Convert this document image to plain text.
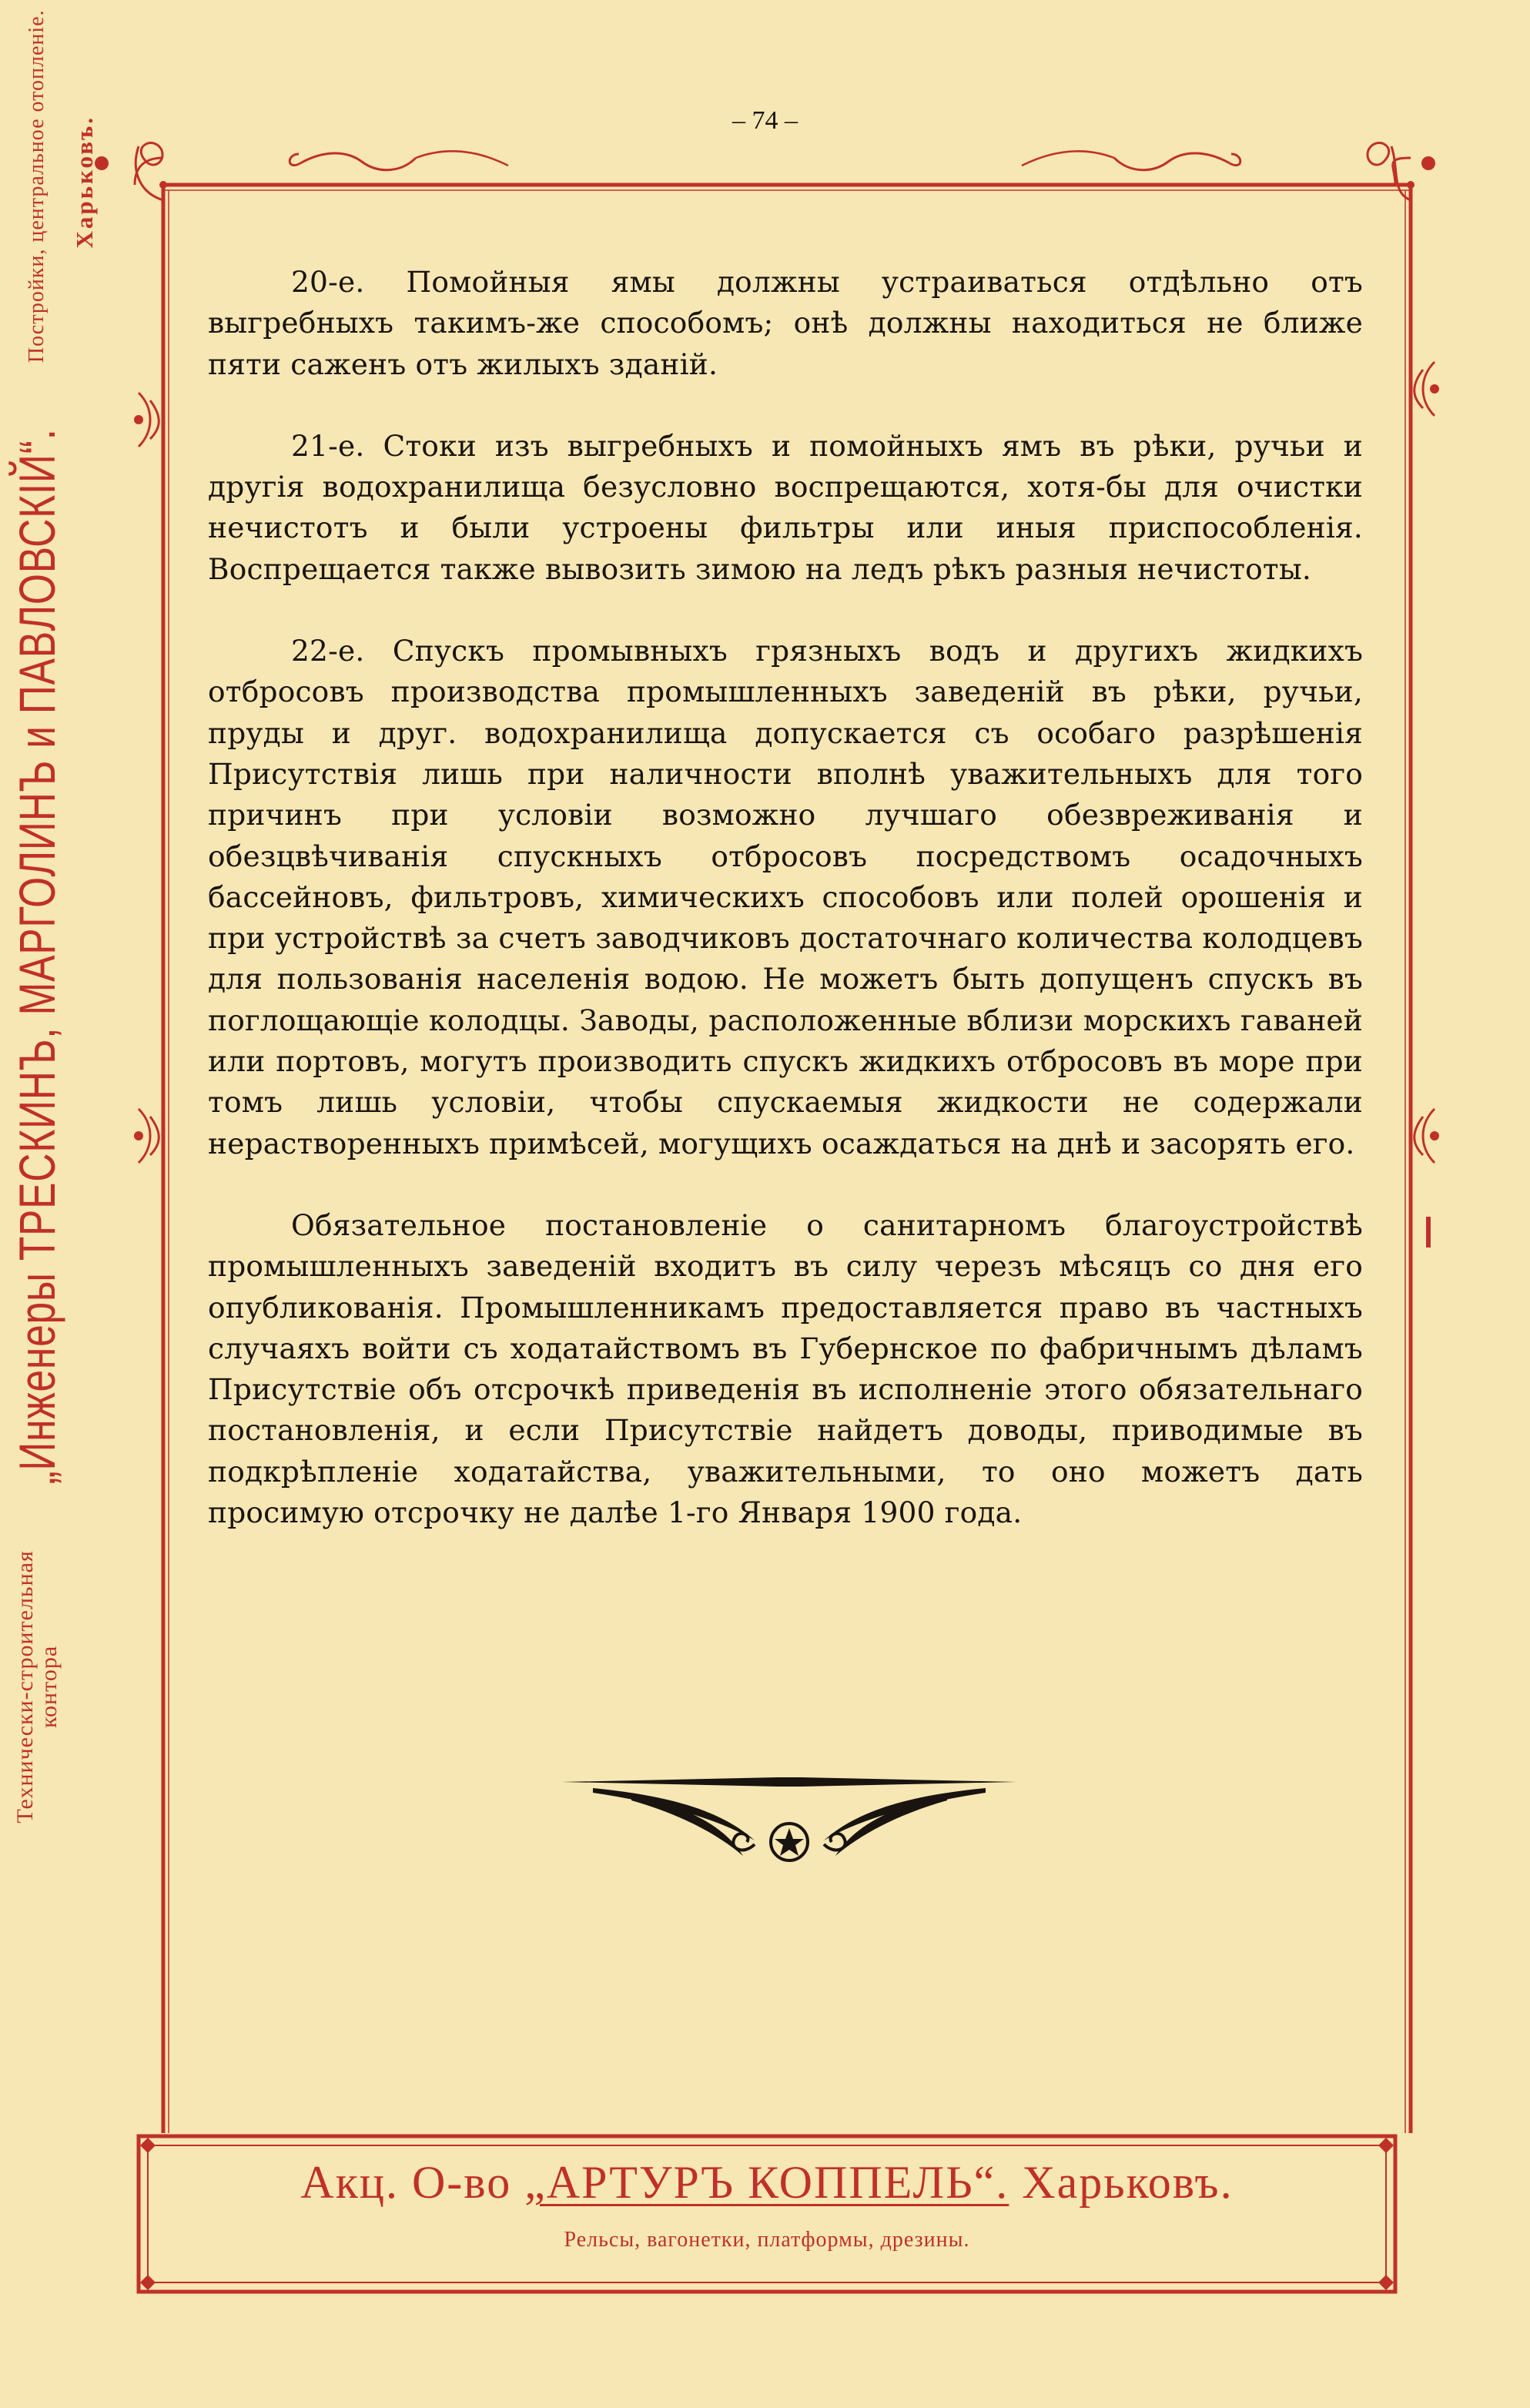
– 74 –
Технически-строительная
контора
„Инженеры ТРЕСКИНЪ, МАРГОЛИНЪ и ПАВЛОВСКІЙ“.
Постройки, центральное отопленіе. Харьковъ.

20-е. Помойныя ямы должны устраиваться отдѣльно отъ выгребныхъ такимъ-же способомъ; онѣ должны находиться не ближе пяти саженъ отъ жилыхъ зданій.

21-е. Стоки изъ выгребныхъ и помойныхъ ямъ въ рѣки, ручьи и другія водохранилища безусловно воспрещаются, хотя-бы для очистки нечистотъ и были устроены фильтры или иныя приспособленія. Воспрещается также вывозить зимою на ледъ рѣкъ разныя нечистоты.

22-е. Спускъ промывныхъ грязныхъ водъ и другихъ жидкихъ отбросовъ производства промышленныхъ заведеній въ рѣки, ручьи, пруды и друг. водохранилища допускается съ особаго разрѣшенія Присутствія лишь при наличности вполнѣ уважительныхъ для того причинъ при условіи возможно лучшаго обезвреживанія и обезцвѣчиванія спускныхъ отбросовъ посредствомъ осадочныхъ бассейновъ, фильтровъ, химическихъ способовъ или полей орошенія и при устройствѣ за счетъ заводчиковъ достаточнаго количества колодцевъ для пользованія населенія водою. Не можетъ быть допущенъ спускъ въ поглощающіе колодцы. Заводы, расположенные вблизи морскихъ гаваней или портовъ, могутъ производить спускъ жидкихъ отбросовъ въ море при томъ лишь условіи, чтобы спускаемыя жидкости не содержали нерастворенныхъ примѣсей, могущихъ осаждаться на днѣ и засорять его.

Обязательное постановленіе о санитарномъ благоустройствѣ промышленныхъ заведеній входитъ въ силу черезъ мѣсяцъ со дня его опубликованія. Промышленникамъ предоставляется право въ частныхъ случаяхъ войти съ ходатайствомъ въ Губернское по фабричнымъ дѣламъ Присутствіе объ отсрочкѣ приведенія въ исполненіе этого обязательнаго постановленія, и если Присутствіе найдетъ доводы, приводимые въ подкрѣпленіе ходатайства, уважительными, то оно можетъ дать просимую отсрочку не далѣе 1-го Января 1900 года.

Акц. О-во „АРТУРЪ КОППЕЛЬ“. Харьковъ.
Рельсы, вагонетки, платформы, дрезины.
